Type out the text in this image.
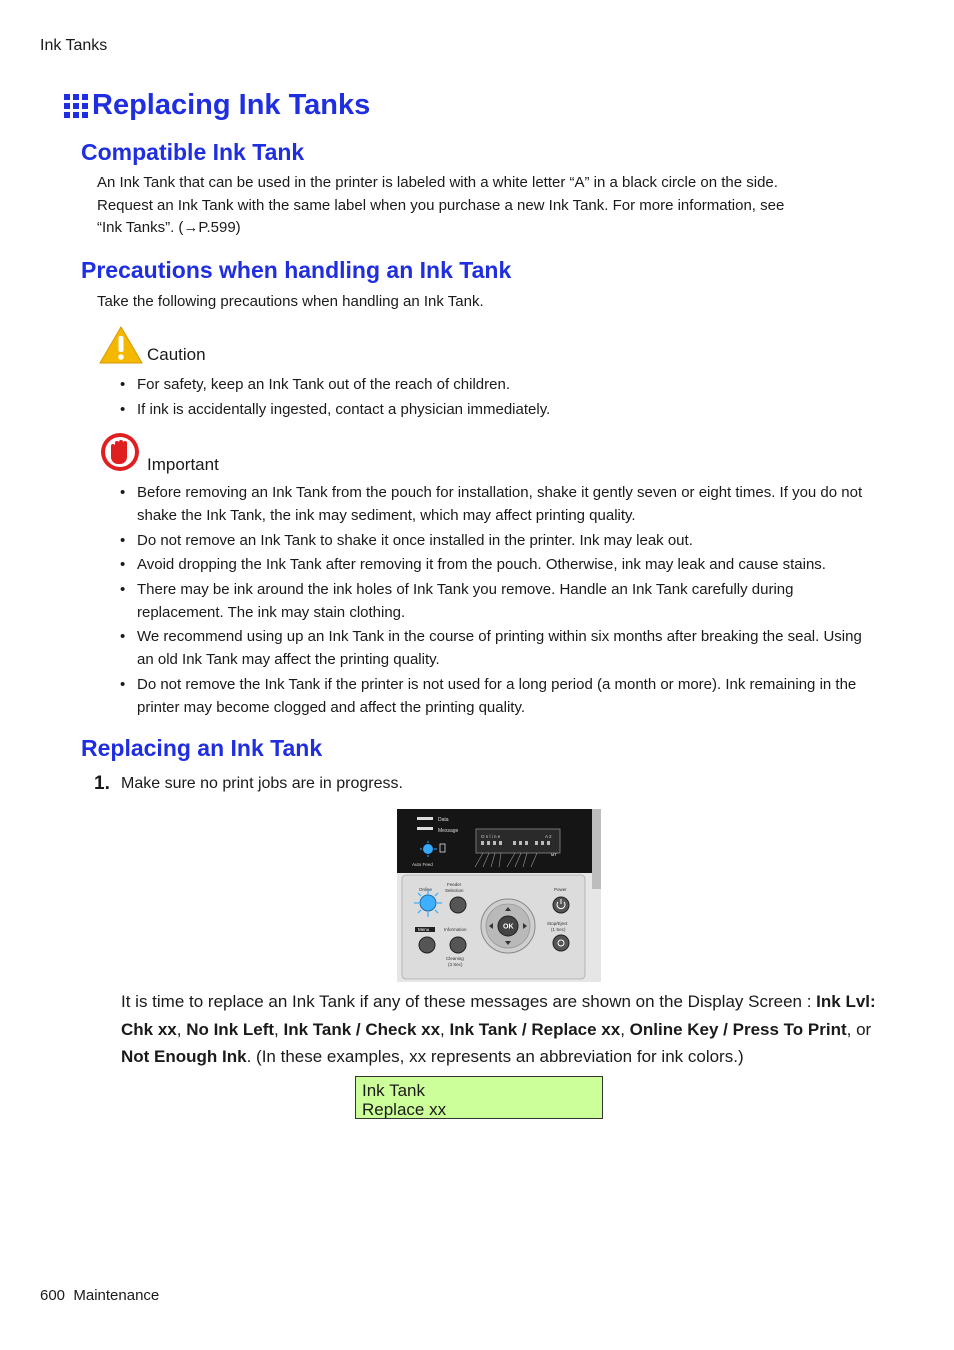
Ink Tanks
Replacing Ink Tanks
Compatible Ink Tank
An Ink Tank that can be used in the printer is labeled with a white letter “A” in a black circle on the side.
Request an Ink Tank with the same label when you purchase a new Ink Tank. For more information, see
“Ink Tanks”. (→P.599)
Precautions when handling an Ink Tank
Take the following precautions when handling an Ink Tank.
Caution
• For safety, keep an Ink Tank out of the reach of children.
• If ink is accidentally ingested, contact a physician immediately.
Important
• Before removing an Ink Tank from the pouch for installation, shake it gently seven or eight times. If you do not shake the Ink Tank, the ink may sediment, which may affect printing quality.
• Do not remove an Ink Tank to shake it once installed in the printer. Ink may leak out.
• Avoid dropping the Ink Tank after removing it from the pouch. Otherwise, ink may leak and cause stains.
• There may be ink around the ink holes of Ink Tank you remove. Handle an Ink Tank carefully during replacement. The ink may stain clothing.
• We recommend using up an Ink Tank in the course of printing within six months after breaking the seal. Using an old Ink Tank may affect the printing quality.
• Do not remove the Ink Tank if the printer is not used for a long period (a month or more). Ink remaining in the printer may become clogged and affect the printing quality.
Replacing an Ink Tank
1. Make sure no print jobs are in progress.
Data
Message
O n l i n e	A 2
MT
Auto Feed
Online
Feeder
Selection	Power
OK
Menu	Information
Cleaning
(3 Sec)
Stop/Eject
(1 Sec)
It is time to replace an Ink Tank if any of these messages are shown on the Display Screen : Ink Lvl: Chk xx, No Ink Left, Ink Tank / Check xx, Ink Tank / Replace xx, Online Key / Press To Print, or Not Enough Ink. (In these examples, xx represents an abbreviation for ink colors.)
Ink Tank
Replace xx
600 Maintenance
